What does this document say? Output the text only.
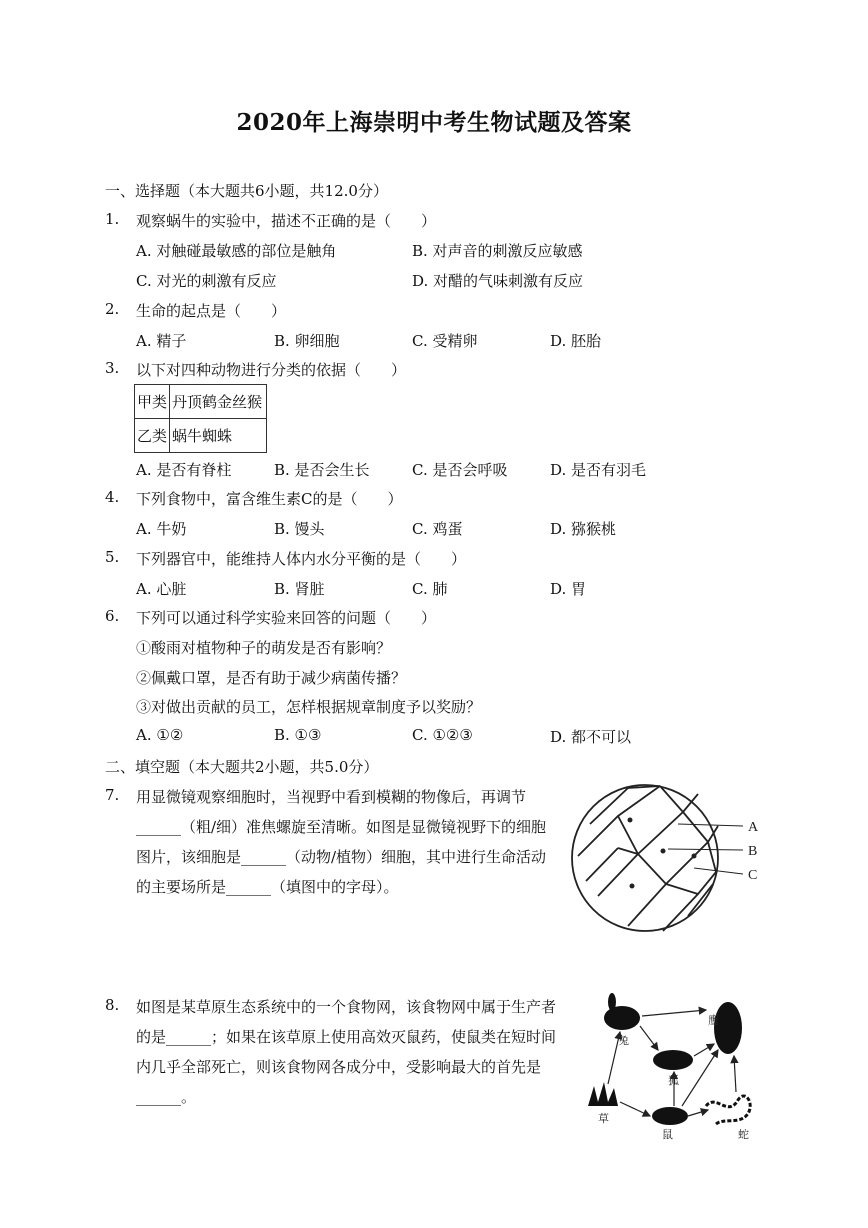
2020年上海崇明中考生物试题及答案
一、选择题（本大题共6小题，共12.0分）
1.	观察蜗牛的实验中，描述不正确的是（　　）
A. 对触碰最敏感的部位是触角	B. 对声音的刺激反应敏感
C. 对光的刺激有反应	D. 对醋的气味刺激有反应
2.	生命的起点是（　　）
A. 精子	B. 卵细胞	C. 受精卵	D. 胚胎
3.	以下对四种动物进行分类的依据（　　）
甲类	丹顶鹤金丝猴
乙类	蜗牛蜘蛛
A. 是否有脊柱	B. 是否会生长	C. 是否会呼吸	D. 是否有羽毛
4.	下列食物中，富含维生素C的是（　　）
A. 牛奶	B. 馒头	C. 鸡蛋	D. 猕猴桃
5.	下列器官中，能维持人体内水分平衡的是（　　）
A. 心脏	B. 肾脏	C. 肺	D. 胃
6.	下列可以通过科学实验来回答的问题（　　）
①酸雨对植物种子的萌发是否有影响？
②佩戴口罩，是否有助于减少病菌传播？
③对做出贡献的员工，怎样根据规章制度予以奖励？
A. ①②	B. ①③	C. ①②③	D. 都不可以
二、填空题（本大题共2小题，共5.0分）
7.	用显微镜观察细胞时，当视野中看到模糊的物像后，再调节
______（粗/细）准焦螺旋至清晰。如图是显微镜视野下的细胞
图片，该细胞是______（动物/植物）细胞，其中进行生命活动
的主要场所是______（填图中的字母）。
A
B
C
8.	如图是某草原生态系统中的一个食物网，该食物网中属于生产者
的是______；如果在该草原上使用高效灭鼠药，使鼠类在短时间
内几乎全部死亡，则该食物网各成分中，受影响最大的首先是
______。
兔
鹰
狐
草
鼠	蛇
